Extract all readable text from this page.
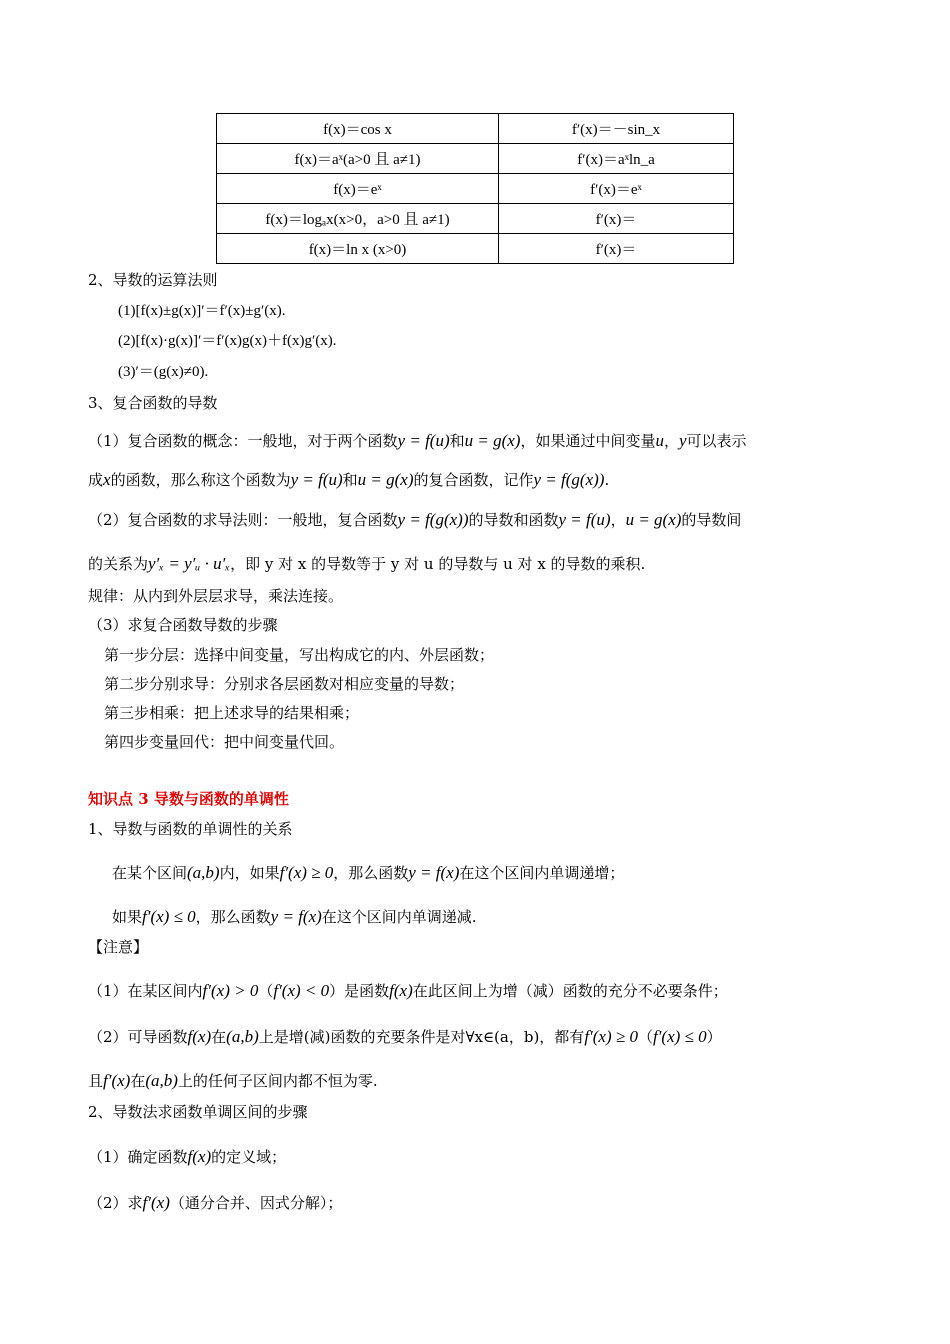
f(x)＝cos x	f′(x)＝－sin_x
f(x)＝aˣ(a>0 且 a≠1)	f′(x)＝aˣln_a
f(x)＝eˣ	f′(x)＝eˣ
f(x)＝logₐx(x>0，a>0 且 a≠1)	f′(x)＝
f(x)＝ln x (x>0)	f′(x)＝
2、导数的运算法则
(1)[f(x)±g(x)]′＝f′(x)±g′(x).
(2)[f(x)·g(x)]′＝f′(x)g(x)＋f(x)g′(x).
(3)′＝(g(x)≠0).
3、复合函数的导数
（1）复合函数的概念：一般地，对于两个函数y = f(u)和u = g(x)，如果通过中间变量u，y可以表示
成x的函数，那么称这个函数为y = f(u)和u = g(x)的复合函数，记作y = f(g(x)).
（2）复合函数的求导法则：一般地，复合函数y = f(g(x))的导数和函数y = f(u)，u = g(x)的导数间
的关系为y′ₓ = y′ᵤ · u′ₓ，即 y 对 x 的导数等于 y 对 u 的导数与 u 对 x 的导数的乘积.
规律：从内到外层层求导，乘法连接。
（3）求复合函数导数的步骤
第一步分层：选择中间变量，写出构成它的内、外层函数；
第二步分别求导：分别求各层函数对相应变量的导数；
第三步相乘：把上述求导的结果相乘；
第四步变量回代：把中间变量代回。
知识点 3 导数与函数的单调性
1、导数与函数的单调性的关系
在某个区间(a,b)内，如果f′(x) ≥ 0，那么函数y = f(x)在这个区间内单调递增；
如果f′(x) ≤ 0，那么函数y = f(x)在这个区间内单调递减.
【注意】
（1）在某区间内f′(x) > 0（f′(x) < 0）是函数f(x)在此区间上为增（减）函数的充分不必要条件；
（2）可导函数f(x)在(a,b)上是增(减)函数的充要条件是对∀x∈(a，b)，都有f′(x) ≥ 0（f′(x) ≤ 0）
且f′(x)在(a,b)上的任何子区间内都不恒为零.
2、导数法求函数单调区间的步骤
（1）确定函数f(x)的定义域；
（2）求f′(x)（通分合并、因式分解）；
